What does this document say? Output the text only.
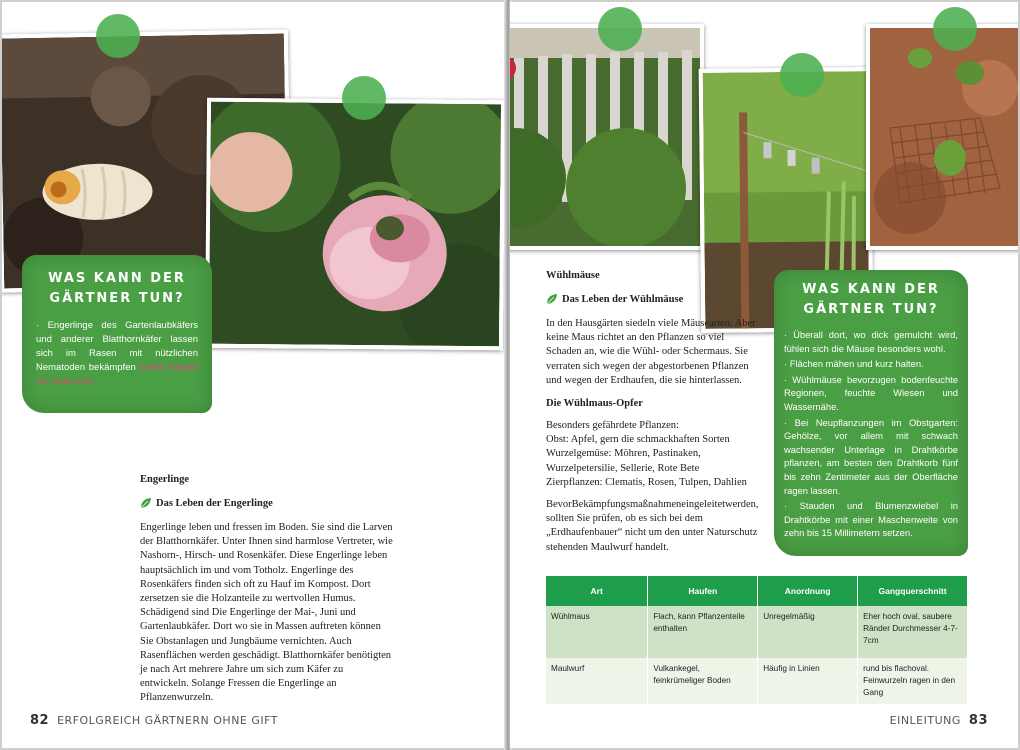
WAS KANN DER
GÄRTNER TUN?

· Engerlinge des Gartenlaubkäfers und anderer Blatthornkäfer lassen sich im Rasen mit nützlichen Nematoden bekämpfen (siehe Kapitel 10, Seite xxx)

Engerlinge
Das Leben der Engerlinge

Engerlinge leben und fressen im Boden. Sie sind die Larven der Blatthornkäfer. Unter Ihnen sind harmlose Vertreter, wie Nashorn-, Hirsch- und Rosenkäfer. Diese Engerlinge leben hauptsächlich im und vom Totholz. Engerlinge des Rosenkäfers finden sich oft zu Hauf im Kompost. Dort zersetzen sie die Holzanteile zu wertvollen Humus. Schädigend sind Die Engerlinge der Mai-, Juni und Gartenlaubkäfer. Dort wo sie in Massen auftreten können Sie Obstanlagen und Jungbäume vernichten. Auch Rasenflächen werden geschädigt. Blatthornkäfer benötigten je nach Art mehrere Jahre um sich zum Käfer zu entwickeln. Solange Fressen die Engerlinge an Pflanzenwurzeln.

82 ERFOLGREICH GÄRTNERN OHNE GIFT
Wühlmäuse
Das Leben der Wühlmäuse

In den Hausgärten siedeln viele Mäusearten. Aber keine Maus richtet an den Pflanzen so viel Schaden an, wie die Wühl- oder Schermaus. Sie verraten sich wegen der abgestorbenen Pflanzen und wegen der Erdhaufen, die sie hinterlassen.

Die Wühlmaus-Opfer

Besonders gefährdete Pflanzen:

Obst: Apfel, gern die schmackhaften Sorten

Wurzelgemüse: Möhren, Pastinaken, Wurzelpetersilie, Sellerie, Rote Bete

Zierpflanzen: Clematis, Rosen, Tulpen, Dahlien

BevorBekämpfungsmaßnahmeneingeleitetwerden, sollten Sie prüfen, ob es sich bei dem „Erdhaufenbauer“ nicht um den unter Naturschutz stehenden Maulwurf handelt.

WAS KANN DER
GÄRTNER TUN?

· Überall dort, wo dick gemulcht wird, fühlen sich die Mäuse besonders wohl.

· Flächen mähen und kurz halten.

· Wühlmäuse bevorzugen bodenfeuchte Regionen, feuchte Wiesen und Wassernähe.

· Bei Neupflanzungen im Obstgarten: Gehölze, vor allem mit schwach wachsender Unterlage in Drahtkörbe pflanzen, am besten den Drahtkorb fünf bis zehn Zentimeter aus der Oberfläche ragen lassen.

· Stauden und Blumenzwiebel in Drahtkörbe mit einer Maschenweite von zehn bis 15 Millimetern setzen.

Art	Haufen	Anordnung	Gangquerschnitt
Wühlmaus	Flach, kann Pflanzenteile enthalten	Unregelmäßig	Eher hoch oval, saubere Ränder Durchmesser 4-7- 7cm
Maulwurf	Vulkankegel, feinkrümeliger Boden	Häufig in Linien	rund bis flachoval. Feinwurzeln ragen in den Gang
EINLEITUNG 83
